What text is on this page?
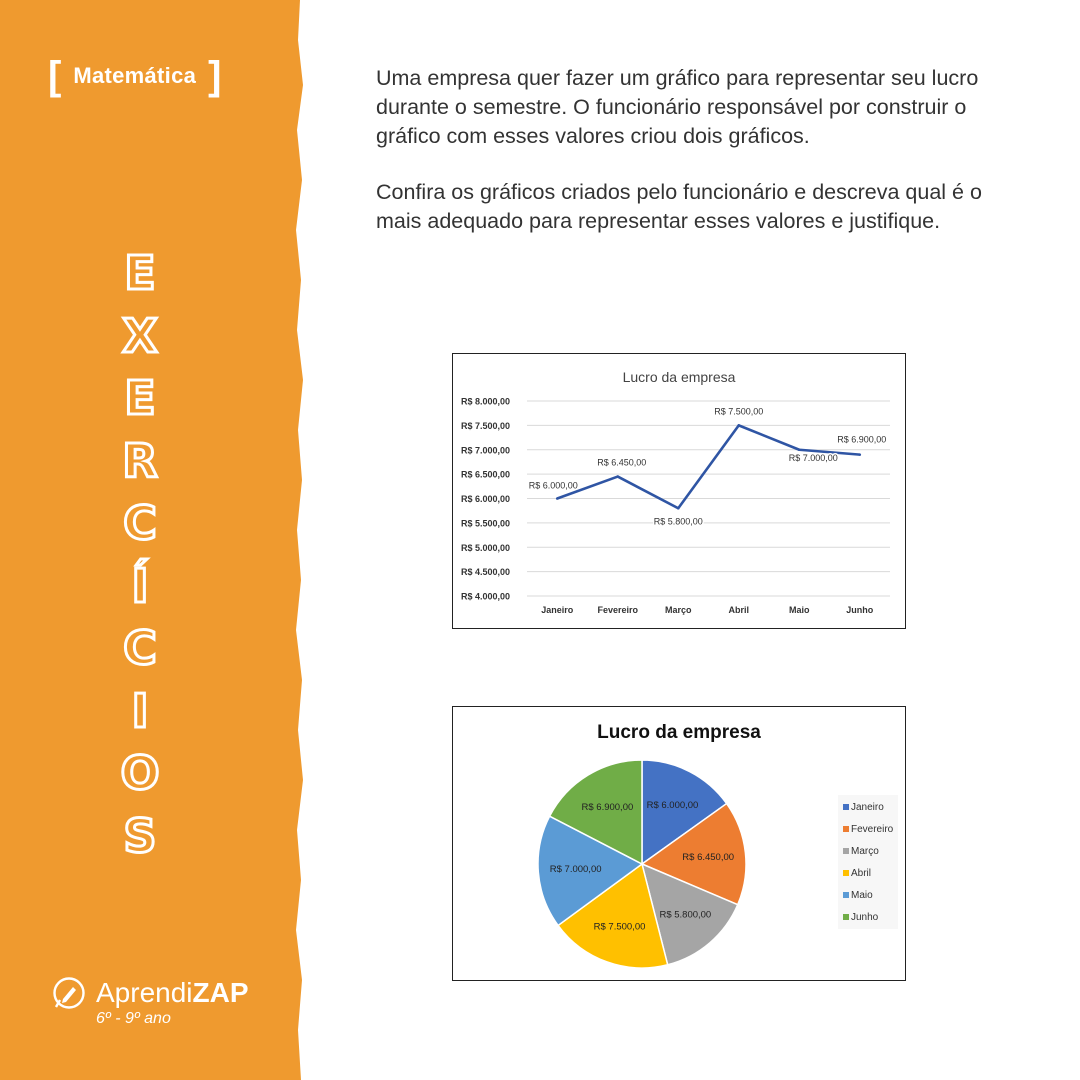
[ Matemática ]
E
X
E
R
C
Í
C
I
O
S
AprendiZAP
6º - 9º ano

Uma empresa quer fazer um gráfico para representar seu lucro durante o semestre. O funcionário responsável por construir o gráfico com esses valores criou dois gráficos.

Confira os gráficos criados pelo funcionário e descreva qual é o mais adequado para representar esses valores e justifique.

Lucro da empresa
R$ 4.000,00
R$ 4.500,00
R$ 5.000,00
R$ 5.500,00
R$ 6.000,00
R$ 6.500,00
R$ 7.000,00
R$ 7.500,00
R$ 8.000,00
Janeiro	Fevereiro	Março	Abril	Maio	Junho
R$ 6.000,00
R$ 6.450,00
R$ 5.800,00
R$ 7.500,00
R$ 7.000,00
R$ 6.900,00
Lucro da empresa
R$ 6.000,00
R$ 6.450,00
R$ 5.800,00
R$ 7.500,00
R$ 7.000,00
R$ 6.900,00	Janeiro
Fevereiro
Março
Abril
Maio
Junho
